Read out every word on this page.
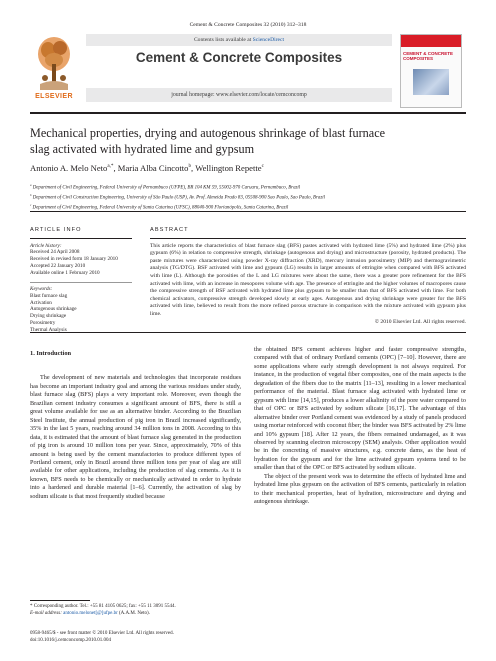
Cement & Concrete Composites 32 (2010) 312–318
ELSEVIER
Contents lists available at ScienceDirect
Cement & Concrete Composites
journal homepage: www.elsevier.com/locate/cemconcomp
CEMENT & CONCRETE COMPOSITES
Mechanical properties, drying and autogenous shrinkage of blast furnace
slag activated with hydrated lime and gypsum
Antonio A. Melo Neto$^{a,*}$, Maria Alba Cincotto$^b$, Wellington Repette$^c$
$^a$ Department of Civil Engineering, Federal University of Pernambuco (UFPE), BR 104 KM 59, 55002-970 Caruaru, Pernambuco, Brazil
$^b$ Department of Civil Construction Engineering, University of São Paulo (USP), Av. Prof. Almeida Prado 83, 05508-900 Sao Paulo, Sao Paulo, Brazil
$^c$ Department of Civil Engineering, Federal University of Santa Catarina (UFSC), 88040-900 Florianópolis, Santa Catarina, Brazil
ARTICLE INFO
Article history:
Received 24 April 2008
Received in revised form 18 January 2010
Accepted 22 January 2010
Available online 1 February 2010
Keywords:
Blast furnace slag
Activation
Autogenous shrinkage
Drying shrinkage
Porosimetry
Thermal Analysis
ABSTRACT
This article reports the characteristics of blast furnace slag (BFS) pastes activated with hydrated lime (5%) and hydrated lime (2%) plus gypsum (6%) in relation to compressive strength, shrinkage (autogenous and drying) and microstructure (porosity, hydrated products). The paste mixtures were characterized using powder X-ray diffraction (XRD), mercury intrusion porosimetry (MIP) and thermogravimetric analysis (TG/DTG). BSF activated with lime and gypsum (LG) results in larger amounts of ettringite when compared with BFS activated with lime (L). Although the porosities of the L and LG mixtures were about the same, there was a greater pore refinement for the BFS activated with lime, with an increase in mesopores volume with age. The presence of ettringite and the higher volumes of macropores cause the compressive strength of BSF activated with hydrated lime plus gypsum to be smaller than that of BFS activated with lime. For both chemical activators, compressive strength developed slowly at early ages. Autogenous and drying shrinkage were greater for the BFS activated with lime, believed to result from the more refined porous structure in comparison with the mixture activated with gypsum plus lime.
© 2010 Elsevier Ltd. All rights reserved.
1. Introduction
The development of new materials and technologies that incorporate residues has become an important industry goal and among the various residues under study, blast furnace slag (BFS) plays a very important role. Moreover, even though the Brazilian cement industry consumes a significant amount of BFS, there is still a great volume available for use as an alternative binder. According to the Brazilian Steel Institute, the annual production of pig iron in Brazil increased significantly, 35% in the last 5 years, reaching around 34 million tons in 2008. According to this data, it is estimated that the amount of blast furnace slag generated in the production of pig iron is around 10 million tons per year. Since, approximately, 70% of this amount is being used by the cement manufactories to produce different types of Portland cement, only in Brazil around three million tons per year of slag are still available for other applications, including the production of slag cements. As it is known, BFS needs to be chemically or mechanically activated in order to hydrate into a hardened and durable material [1–6]. Currently, the activation of slag by sodium silicate is that most frequently studied because
the obtained BFS cement achieves higher and faster compressive strengths, compared with that of ordinary Portland cements (OPC) [7–10]. However, there are some applications where early strength development is not always required. For instance, in the production of vegetal fiber composites, one of the main aspects is the degradation of the fibers due to the matrix [11–13], resulting in a lower mechanical performance of the material. Blast furnace slag activated with hydrated lime or gypsum with lime [14,15], produces a lower alkalinity of the pore water compared to that of OPC or BFS activated by sodium silicate [16,17]. The advantage of this alternative binder over Portland cement was evidenced by a study of panels produced using mortar reinforced with coconut fiber; the binder was BFS activated by 2% lime and 10% gypsum [18]. After 12 years, the fibers remained undamaged, as it was observed by scanning electron microscopy (SEM) analysis. Other application would be in the concreting of massive structures, e.g. concrete dams, as the heat of hydration for the gypsum and for the lime activated gypsum systems tend to be smaller than that of the OPC or BFS activated by sodium silicate.
The object of the present work was to determine the effects of hydrated lime and hydrated lime plus gypsum on the activation of BFS cements, particularly in relation to their mechanical properties, heat of hydration, microstructure and drying and autogenous shrinkage.
* Corresponding author. Tel.: +55 81 4105 0625; fax: +55 11 3091 5544.
E-mail address: antonio.melonet[@]ufpe.br (A.A.M. Neto).
0958-9465/$ - see front matter © 2010 Elsevier Ltd. All rights reserved.
doi:10.1016/j.cemconcomp.2010.01.004
